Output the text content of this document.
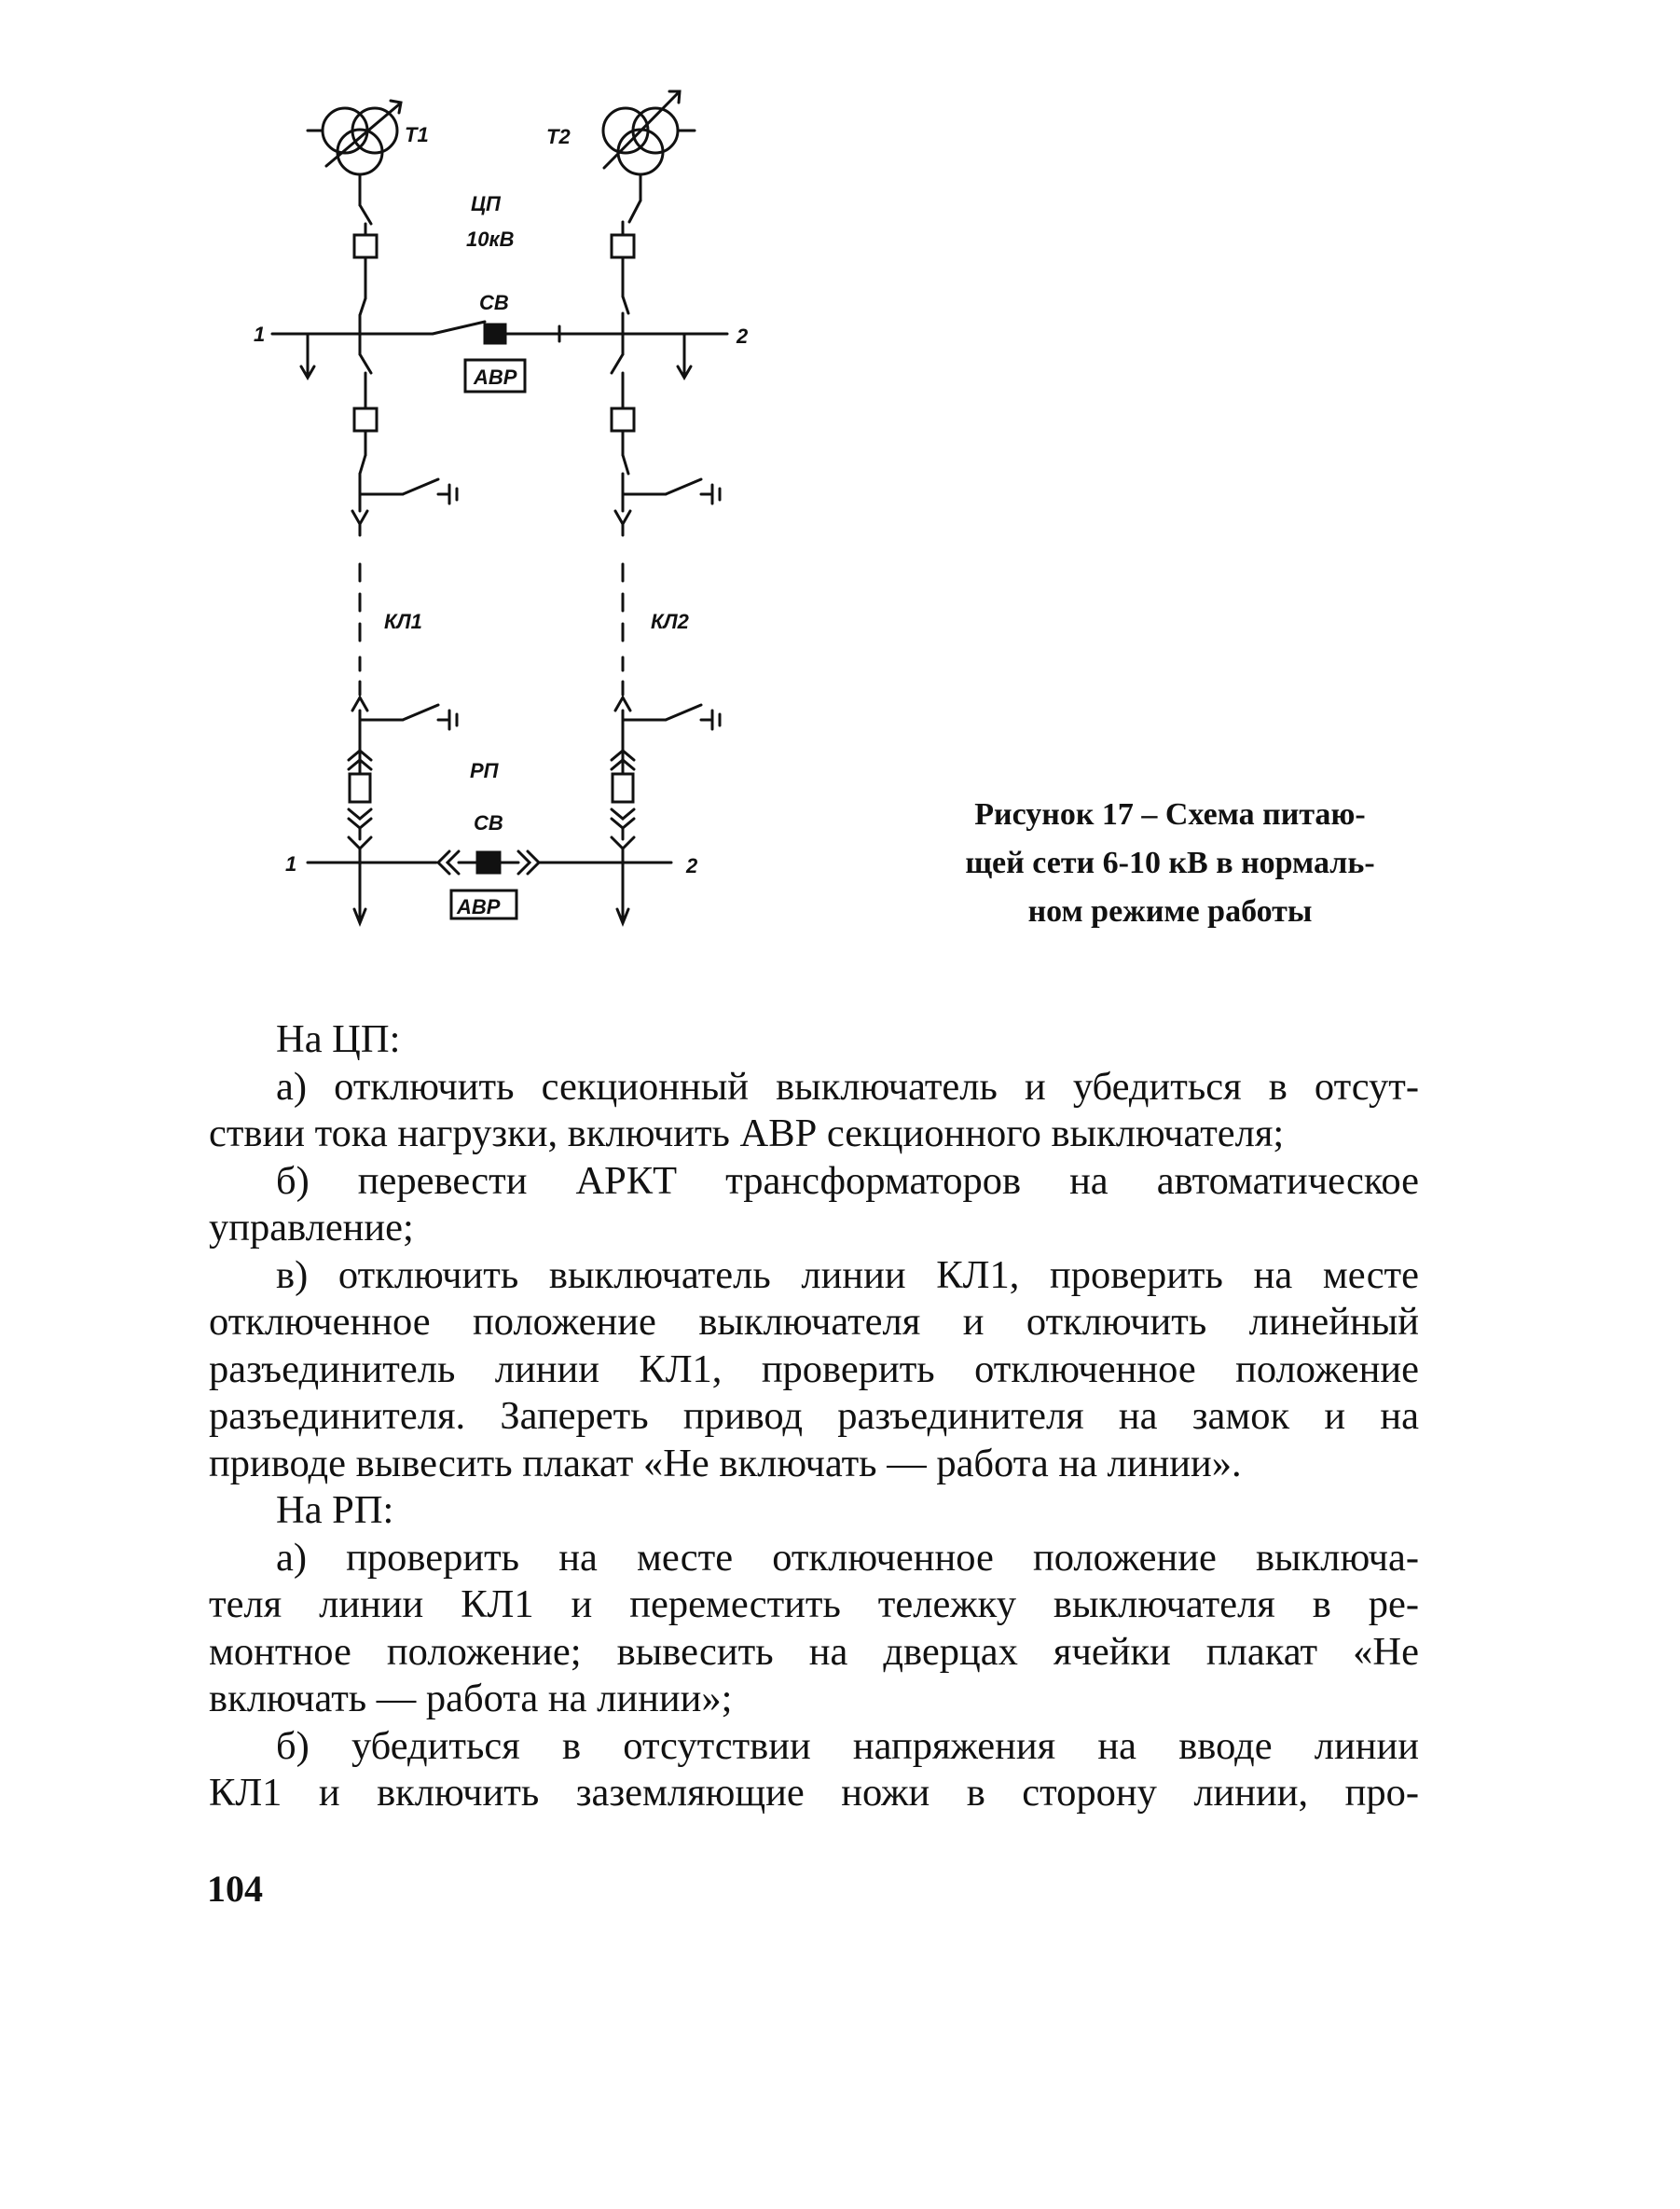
Т1	Т2
ЦП
10кВ
СВ
АВР
1	2
КЛ1	КЛ2
РП
СВ
АВР
1	2
Рисунок 17 – Схема питаю-
щей сети 6-10 кВ в нормаль-
ном режиме работы

На ЦП:

а) отключить секционный выключатель и убедиться в отсут-
ствии тока нагрузки, включить АВР секционного выключателя;

б) перевести АРКТ трансформаторов на автоматическое
управление;

в) отключить выключатель линии КЛ1, проверить на месте
отключенное положение выключателя и отключить линейный
разъединитель линии КЛ1, проверить отключенное положение
разъединителя. Запереть привод разъединителя на замок и на
приводе вывесить плакат «Не включать — работа на линии».

На РП:

а) проверить на месте отключенное положение выключа-
теля линии КЛ1 и переместить тележку выключателя в ре-
монтное положение; вывесить на дверцах ячейки плакат «Не
включать — работа на линии»;

б) убедиться в отсутствии напряжения на вводе линии
КЛ1 и включить заземляющие ножи в сторону линии, про-

104
